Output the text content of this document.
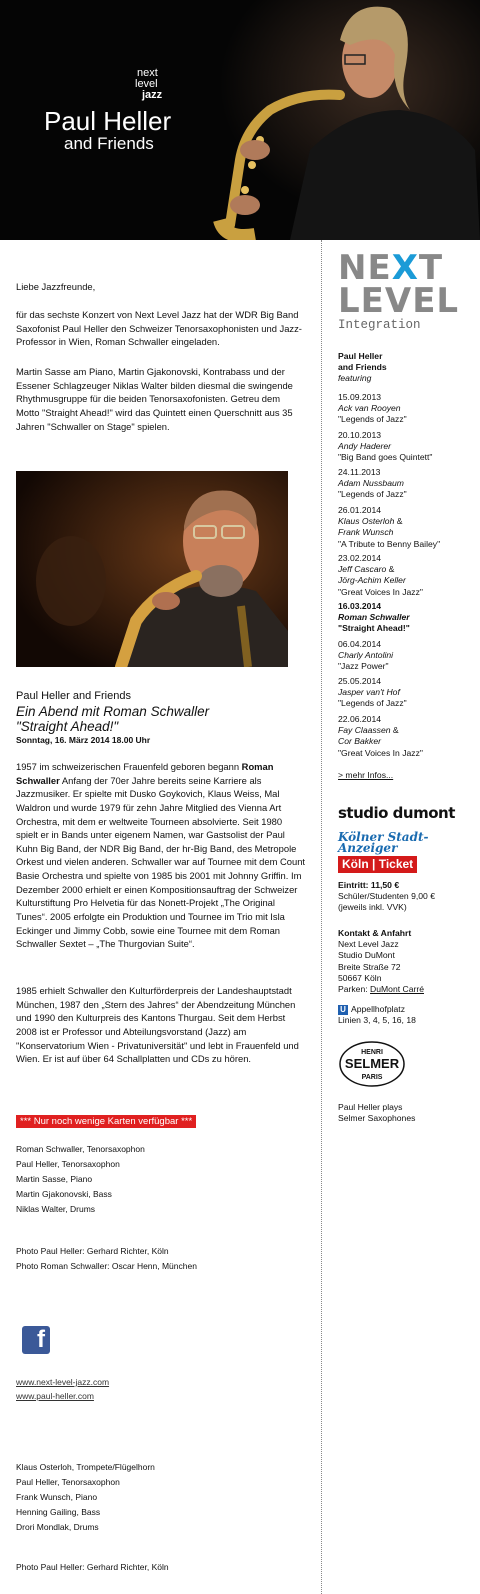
next
level
jazz
Paul Heller
and Friends

Liebe Jazzfreunde,

für das sechste Konzert von Next Level Jazz hat der WDR Big Band Saxofonist Paul Heller den Schweizer Tenorsaxophonisten und Jazz-Professor in Wien, Roman Schwaller eingeladen.

Martin Sasse am Piano, Martin Gjakonovski, Kontrabass und der Essener Schlagzeuger Niklas Walter bilden diesmal die swingende Rhythmusgruppe für die beiden Tenorsaxofonisten. Getreu dem Motto "Straight Ahead!" wird das Quintett einen Querschnitt aus 35 Jahren "Schwaller on Stage" spielen.

Paul Heller and Friends
Ein Abend mit Roman Schwaller
"Straight Ahead!"
Sonntag, 16. März 2014 18.00 Uhr

1957 im schweizerischen Frauenfeld geboren begann Roman Schwaller Anfang der 70er Jahre bereits seine Karriere als Jazzmusiker. Er spielte mit Dusko Goykovich, Klaus Weiss, Mal Waldron und wurde 1979 für zehn Jahre Mitglied des Vienna Art Orchestra, mit dem er weltweite Tourneen absolvierte. Seit 1980 spielt er in Bands unter eigenem Namen, war Gastsolist der Paul Kuhn Big Band, der NDR Big Band, der hr-Big Band, des Metropole Orkest und vielen anderen. Schwaller war auf Tournee mit dem Count Basie Orchestra und spielte von 1985 bis 2001 mit Johnny Griffin. Im Dezember 2000 erhielt er einen Kompositionsauftrag der Schweizer Kulturstiftung Pro Helvetia für das Nonett-Projekt „The Original Tunes“. 2005 erfolgte ein Produktion und Tournee im Trio mit Isla Eckinger und Jimmy Cobb, sowie eine Tournee mit dem Roman Schwaller Sextet – „The Thurgovian Suite“.

1985 erhielt Schwaller den Kulturförderpreis der Landeshauptstadt München, 1987 den „Stern des Jahres“ der Abendzeitung München und 1990 den Kulturpreis des Kantons Thurgau. Seit dem Herbst 2008 ist er Professor und Abteilungsvorstand (Jazz) am "Konservatorium Wien - Privatuniversität" und lebt in Frauenfeld und Wien. Er ist auf über 64 Schallplatten und CDs zu hören.

*** Nur noch wenige Karten verfügbar ***
Roman Schwaller, Tenorsaxophon
Paul Heller, Tenorsaxophon
Martin Sasse, Piano
Martin Gjakonovski, Bass
Niklas Walter, Drums
Photo Paul Heller: Gerhard Richter, Köln
Photo Roman Schwaller: Oscar Henn, München
f
www.next-level-jazz.com
www.paul-heller.com
Klaus Osterloh, Trompete/Flügelhorn
Paul Heller, Tenorsaxophon
Frank Wunsch, Piano
Henning Gailing, Bass
Drori Mondlak, Drums
Photo Paul Heller: Gerhard Richter, Köln
NEXT
LEVEL
Integration
Paul Heller
and Friends
featuring
15.09.2013
Ack van Rooyen
"Legends of Jazz"
20.10.2013
Andy Haderer
"Big Band goes Quintett"
24.11.2013
Adam Nussbaum
"Legends of Jazz"
26.01.2014
Klaus Osterloh &
Frank Wunsch
"A Tribute to Benny Bailey"
23.02.2014
Jeff Cascaro &
Jörg-Achim Keller
"Great Voices In Jazz"
16.03.2014
Roman Schwaller
"Straight Ahead!"
06.04.2014
Charly Antolini
"Jazz Power"
25.05.2014
Jasper van't Hof
"Legends of Jazz"
22.06.2014
Fay Claassen &
Cor Bakker
"Great Voices In Jazz"
> mehr Infos...
studio dumont
Kölner Stadt-Anzeiger
Köln | Ticket
Eintritt: 11,50 €
Schüler/Studenten 9,00 €
(jeweils inkl. VVK)
Kontakt & Anfahrt
Next Level Jazz
Studio DuMont
Breite Straße 72
50667 Köln
Parken: DuMont Carré
U Appellhofplatz
Linien 3, 4, 5, 16, 18
HENRI
SELMER
PARIS
Paul Heller plays
Selmer Saxophones
